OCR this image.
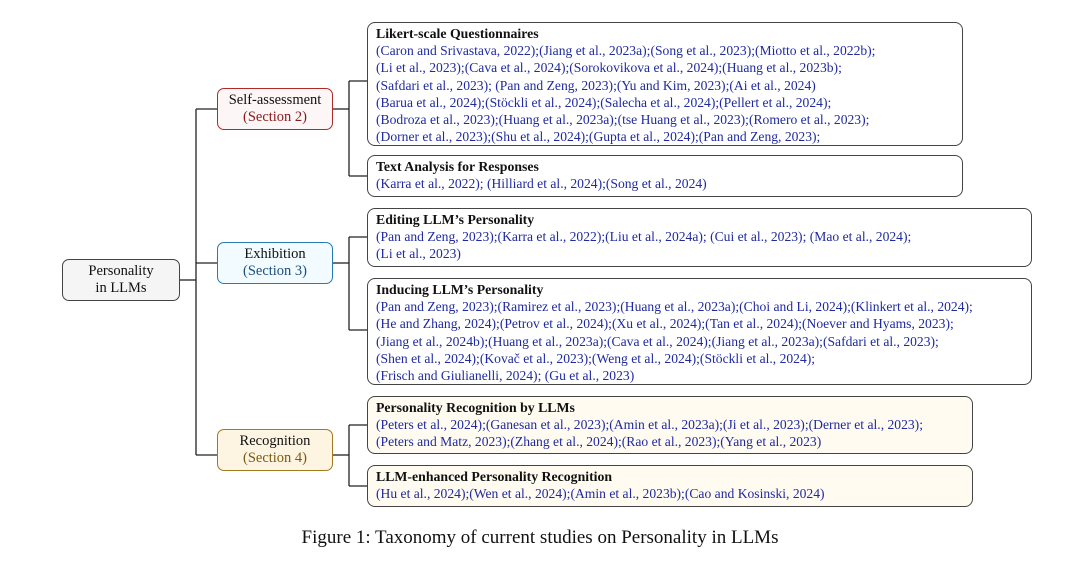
Personality
in LLMs
Self-assessment
(Section 2)
Exhibition
(Section 3)
Recognition
(Section 4)
Likert-scale Questionnaires
(Caron and Srivastava, 2022);(Jiang et al., 2023a);(Song et al., 2023);(Miotto et al., 2022b);
(Li et al., 2023);(Cava et al., 2024);(Sorokovikova et al., 2024);(Huang et al., 2023b);
(Safdari et al., 2023); (Pan and Zeng, 2023);(Yu and Kim, 2023);(Ai et al., 2024)
(Barua et al., 2024);(Stöckli et al., 2024);(Salecha et al., 2024);(Pellert et al., 2024);
(Bodroza et al., 2023);(Huang et al., 2023a);(tse Huang et al., 2023);(Romero et al., 2023);
(Dorner et al., 2023);(Shu et al., 2024);(Gupta et al., 2024);(Pan and Zeng, 2023);
Text Analysis for Responses
(Karra et al., 2022); (Hilliard et al., 2024);(Song et al., 2024)
Editing LLM’s Personality
(Pan and Zeng, 2023);(Karra et al., 2022);(Liu et al., 2024a); (Cui et al., 2023); (Mao et al., 2024);
(Li et al., 2023)
Inducing LLM’s Personality
(Pan and Zeng, 2023);(Ramirez et al., 2023);(Huang et al., 2023a);(Choi and Li, 2024);(Klinkert et al., 2024);
(He and Zhang, 2024);(Petrov et al., 2024);(Xu et al., 2024);(Tan et al., 2024);(Noever and Hyams, 2023);
(Jiang et al., 2024b);(Huang et al., 2023a);(Cava et al., 2024);(Jiang et al., 2023a);(Safdari et al., 2023);
(Shen et al., 2024);(Kovač et al., 2023);(Weng et al., 2024);(Stöckli et al., 2024);
(Frisch and Giulianelli, 2024); (Gu et al., 2023)
Personality Recognition by LLMs
(Peters et al., 2024);(Ganesan et al., 2023);(Amin et al., 2023a);(Ji et al., 2023);(Derner et al., 2023);
(Peters and Matz, 2023);(Zhang et al., 2024);(Rao et al., 2023);(Yang et al., 2023)
LLM-enhanced Personality Recognition
(Hu et al., 2024);(Wen et al., 2024);(Amin et al., 2023b);(Cao and Kosinski, 2024)
Figure 1: Taxonomy of current studies on Personality in LLMs
